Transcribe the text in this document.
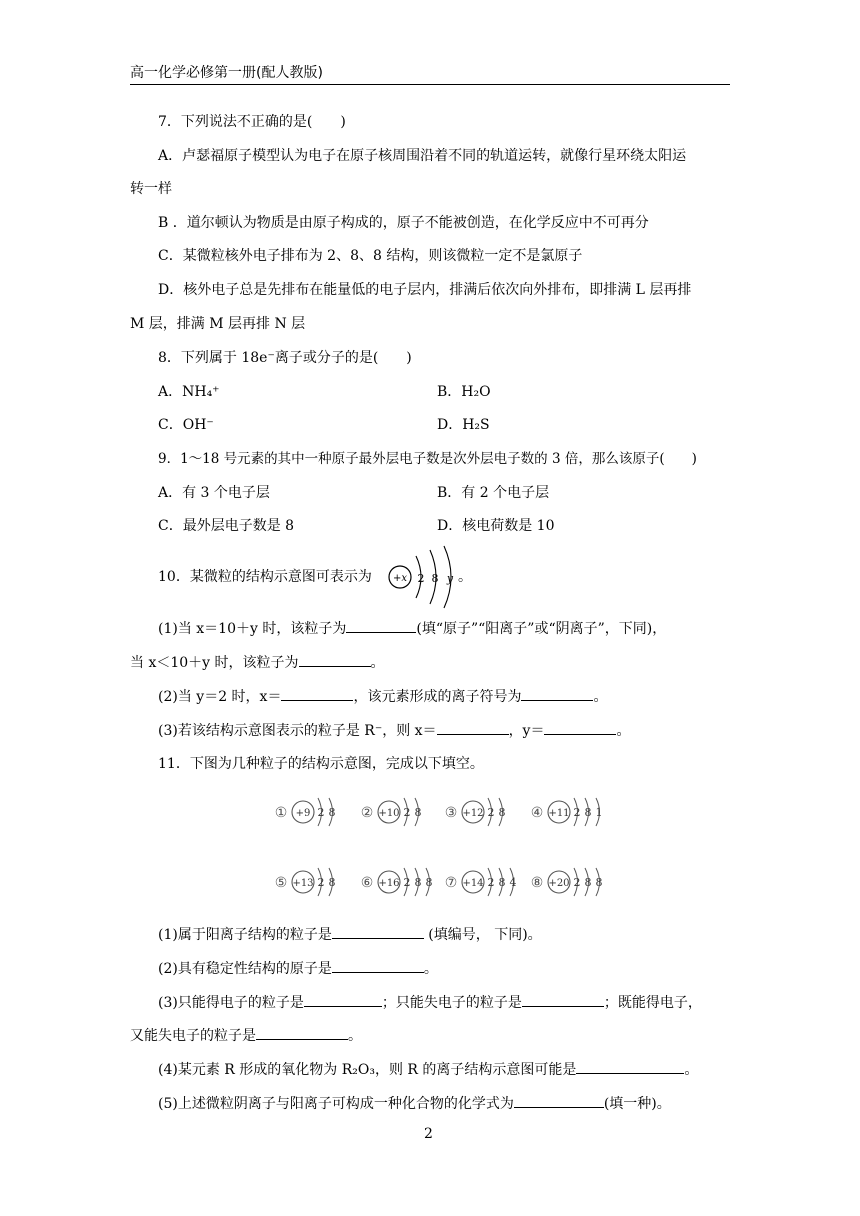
高一化学必修第一册(配人教版)
7．下列说法不正确的是(　　)
A．卢瑟福原子模型认为电子在原子核周围沿着不同的轨道运转，就像行星环绕太阳运
转一样
B ．道尔顿认为物质是由原子构成的，原子不能被创造，在化学反应中不可再分
C．某微粒核外电子排布为 2、8、8 结构，则该微粒一定不是氯原子
D．核外电子总是先排布在能量低的电子层内，排满后依次向外排布，即排满 L 层再排
M 层，排满 M 层再排 N 层
8．下列属于 18e⁻离子或分子的是(　　)
A．NH₄⁺	B．H₂O
C．OH⁻	D．H₂S
9．1～18 号元素的其中一种原子最外层电子数是次外层电子数的 3 倍，那么该原子(　　)
A．有 3 个电子层	B．有 2 个电子层
C．最外层电子数是 8	D．核电荷数是 10
10．某微粒的结构示意图可表示为 +x 2 8 y 。
(1)当 x＝10＋y 时，该粒子为	(填“原子”“阳离子”或“阴离子”，下同)，
当 x＜10＋y 时，该粒子为	。
(2)当 y＝2 时，x＝	，该元素形成的离子符号为	。
(3)若该结构示意图表示的粒子是 R⁻，则 x＝	，y＝	。
11．下图为几种粒子的结构示意图，完成以下填空。
① +9 2 8 ② +10 2 8 ③ +12 2 8 ④ +11 2 8 1
⑤ +13 2 8 ⑥ +16 2 8 8 ⑦ +14 2 8 4 ⑧ +20 2 8 8
(1)属于阳离子结构的粒子是	(填编号， 下同)。
(2)具有稳定性结构的原子是	。
(3)只能得电子的粒子是	；只能失电子的粒子是	；既能得电子，
又能失电子的粒子是	。
(4)某元素 R 形成的氧化物为 R₂O₃，则 R 的离子结构示意图可能是	。
(5)上述微粒阴离子与阳离子可构成一种化合物的化学式为	(填一种)。
2
